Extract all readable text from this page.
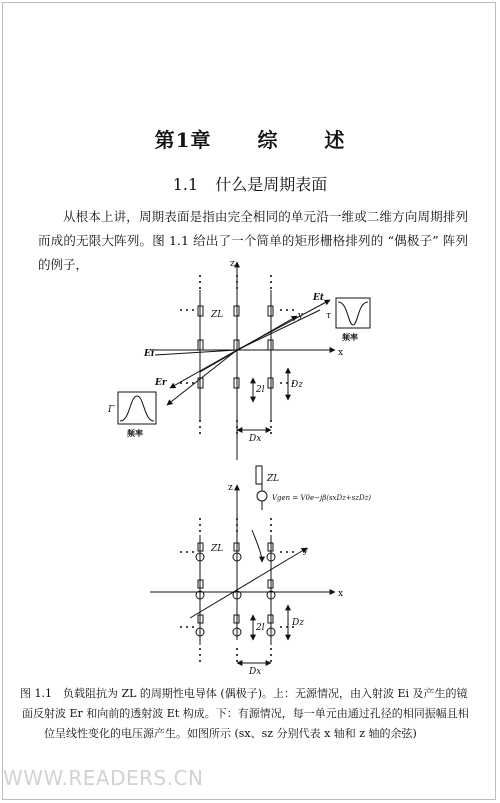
第1章 综 述
1.1 什么是周期表面
从根本上讲，周期表面是指由完全相同的单元沿一维或二维方向周期排列而成的无限大阵列。图 1.1 给出了一个简单的矩形栅格排列的 “偶极子” 阵列的例子，	z
x
y
ZL
Ei
Er
Et
2l	Dz
Dx
τ
Γ
频率
频率
z
x
y
ZL
ZL
Vgen = V0e−jβ(sxDz+szDz)
2l	Dz
Dx
图 1.1　负载阻抗为 ZL 的周期性电导体 (偶极子)。上：无源情况，由入射波 Ei 及产生的镜
面反射波 Er 和向前的透射波 Et 构成。下：有源情况，每一单元由通过孔径的相同振幅且相
位呈线性变化的电压源产生。如图所示 (sx、sz 分别代表 x 轴和 z 轴的余弦)
WWW.READERS.CN
